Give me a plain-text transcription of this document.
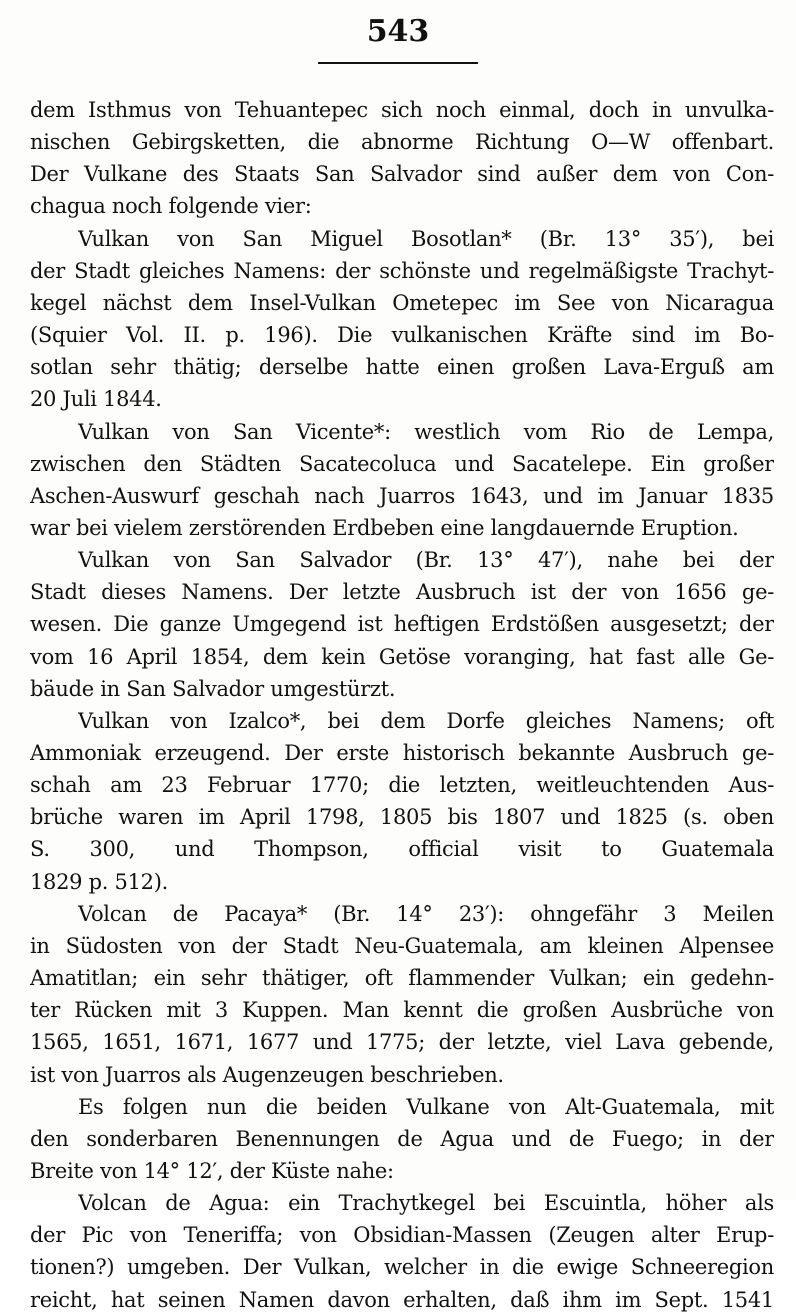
543
dem Isthmus von Tehuantepec sich noch einmal, doch in unvulka-
nischen Gebirgsketten, die abnorme Richtung O—W offenbart.
Der Vulkane des Staats San Salvador sind außer dem von Con-
chagua noch folgende vier:
Vulkan von San Miguel Bosotlan* (Br. 13° 35′), bei
der Stadt gleiches Namens: der schönste und regelmäßigste Trachyt-
kegel nächst dem Insel-Vulkan Ometepec im See von Nicaragua
(Squier Vol. II. p. 196). Die vulkanischen Kräfte sind im Bo-
sotlan sehr thätig; derselbe hatte einen großen Lava-Erguß am
20 Juli 1844.
Vulkan von San Vicente*: westlich vom Rio de Lempa,
zwischen den Städten Sacatecoluca und Sacatelepe. Ein großer
Aschen-Auswurf geschah nach Juarros 1643, und im Januar 1835
war bei vielem zerstörenden Erdbeben eine langdauernde Eruption.
Vulkan von San Salvador (Br. 13° 47′), nahe bei der
Stadt dieses Namens. Der letzte Ausbruch ist der von 1656 ge-
wesen. Die ganze Umgegend ist heftigen Erdstößen ausgesetzt; der
vom 16 April 1854, dem kein Getöse voranging, hat fast alle Ge-
bäude in San Salvador umgestürzt.
Vulkan von Izalco*, bei dem Dorfe gleiches Namens; oft
Ammoniak erzeugend. Der erste historisch bekannte Ausbruch ge-
schah am 23 Februar 1770; die letzten, weitleuchtenden Aus-
brüche waren im April 1798, 1805 bis 1807 und 1825 (s. oben
S. 300, und Thompson, official visit to Guatemala
1829 p. 512).
Volcan de Pacaya* (Br. 14° 23′): ohngefähr 3 Meilen
in Südosten von der Stadt Neu-Guatemala, am kleinen Alpensee
Amatitlan; ein sehr thätiger, oft flammender Vulkan; ein gedehn-
ter Rücken mit 3 Kuppen. Man kennt die großen Ausbrüche von
1565, 1651, 1671, 1677 und 1775; der letzte, viel Lava gebende,
ist von Juarros als Augenzeugen beschrieben.
Es folgen nun die beiden Vulkane von Alt-Guatemala, mit
den sonderbaren Benennungen de Agua und de Fuego; in der
Breite von 14° 12′, der Küste nahe:
Volcan de Agua: ein Trachytkegel bei Escuintla, höher als
der Pic von Teneriffa; von Obsidian-Massen (Zeugen alter Erup-
tionen?) umgeben. Der Vulkan, welcher in die ewige Schneeregion
reicht, hat seinen Namen davon erhalten, daß ihm im Sept. 1541
